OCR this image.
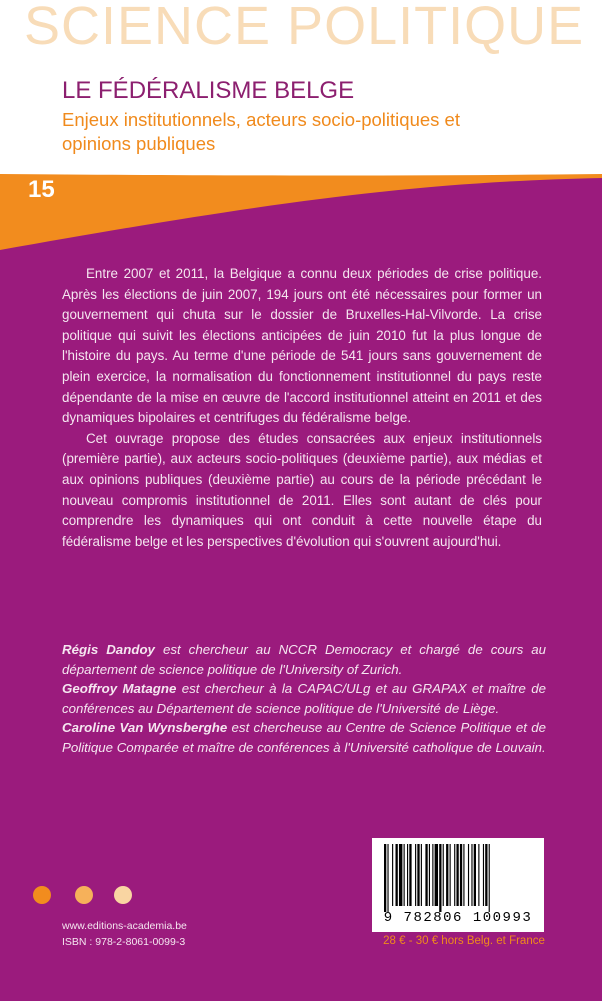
SCIENCE POLITIQUE
LE FÉDÉRALISME BELGE
Enjeux institutionnels, acteurs socio-politiques et opinions publiques
15

Entre 2007 et 2011, la Belgique a connu deux périodes de crise politique. Après les élections de juin 2007, 194 jours ont été nécessaires pour former un gouvernement qui chuta sur le dossier de Bruxelles-Hal-Vilvorde. La crise politique qui suivit les élections anticipées de juin 2010 fut la plus longue de l'histoire du pays. Au terme d'une période de 541 jours sans gouvernement de plein exercice, la normalisation du fonctionnement institutionnel du pays reste dépendante de la mise en œuvre de l'accord institutionnel atteint en 2011 et des dynamiques bipolaires et centrifuges du fédéralisme belge.

Cet ouvrage propose des études consacrées aux enjeux institutionnels (première partie), aux acteurs socio-politiques (deuxième partie), aux médias et aux opinions publiques (deuxième partie) au cours de la période précédant le nouveau compromis institutionnel de 2011. Elles sont autant de clés pour comprendre les dynamiques qui ont conduit à cette nouvelle étape du fédéralisme belge et les perspectives d'évolution qui s'ouvrent aujourd'hui.

Régis Dandoy est chercheur au NCCR Democracy et chargé de cours au département de science politique de l'University of Zurich.

Geoffroy Matagne est chercheur à la CAPAC/ULg et au GRAPAX et maître de conférences au Département de science politique de l'Université de Liège.

Caroline Van Wynsberghe est chercheuse au Centre de Science Politique et de Politique Comparée et maître de conférences à l'Université catholique de Louvain.

www.editions-academia.be
ISBN : 978-2-8061-0099-3
9 782806 100993
28 € - 30 € hors Belg. et France
